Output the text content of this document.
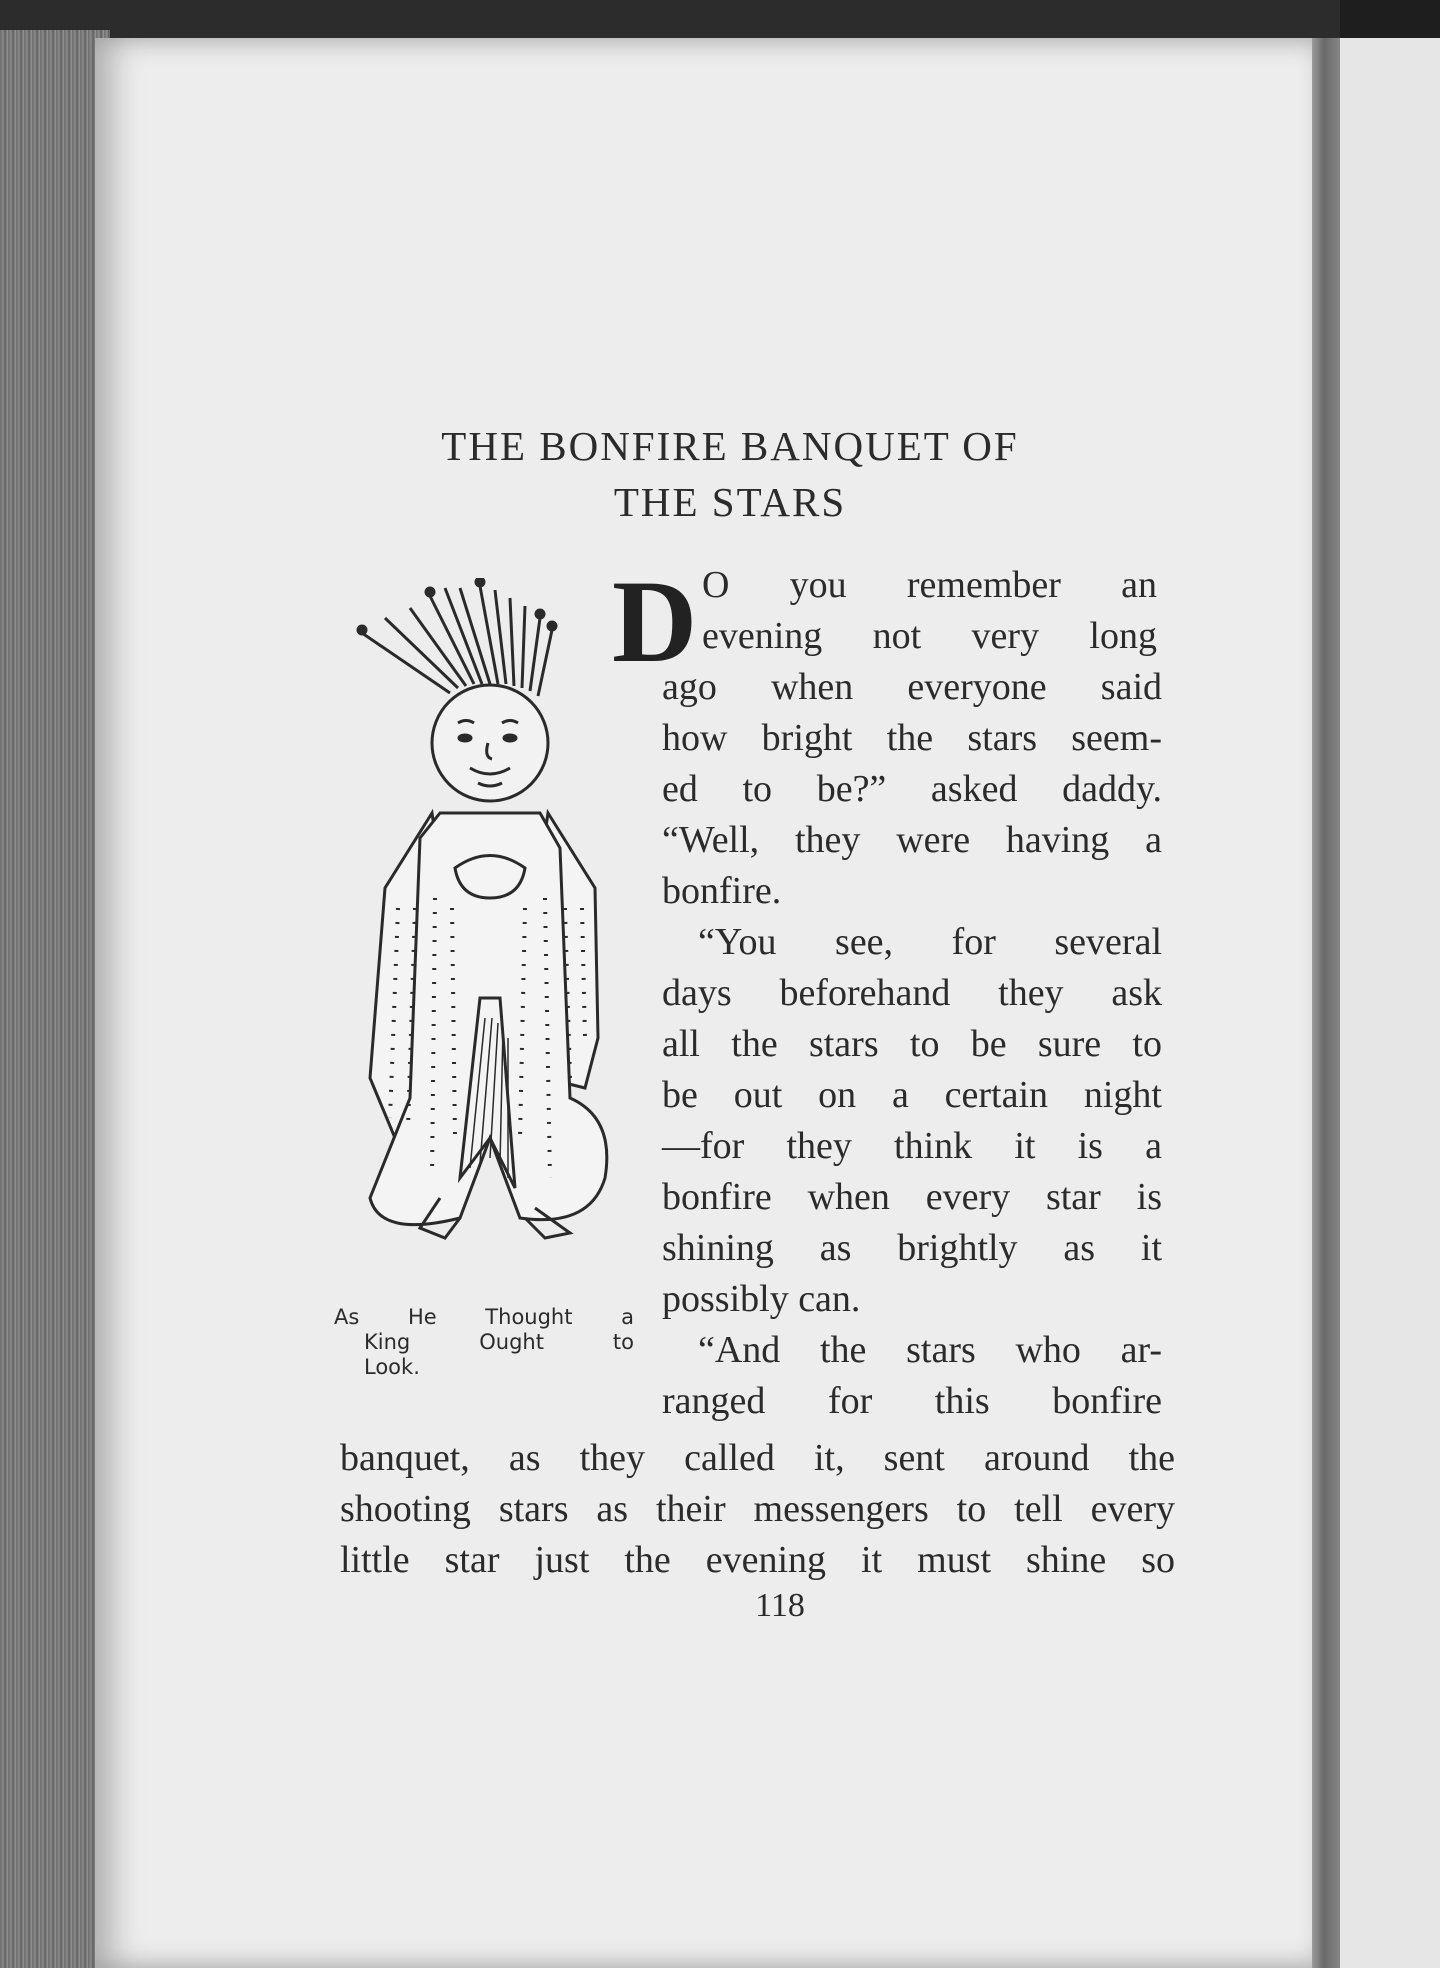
THE BONFIRE BANQUET OF
THE STARS
As He Thought a
King Ought to
Look.
D O you remember an
evening not very long
ago when everyone said
how bright the stars seem-
ed to be?” asked daddy.
“Well, they were having a
bonfire.
“You see, for several
days beforehand they ask
all the stars to be sure to
be out on a certain night
—for they think it is a
bonfire when every star is
shining as brightly as it
possibly can.
“And the stars who ar-
ranged for this bonfire
banquet, as they called it, sent around the
shooting stars as their messengers to tell every
little star just the evening it must shine so
118
